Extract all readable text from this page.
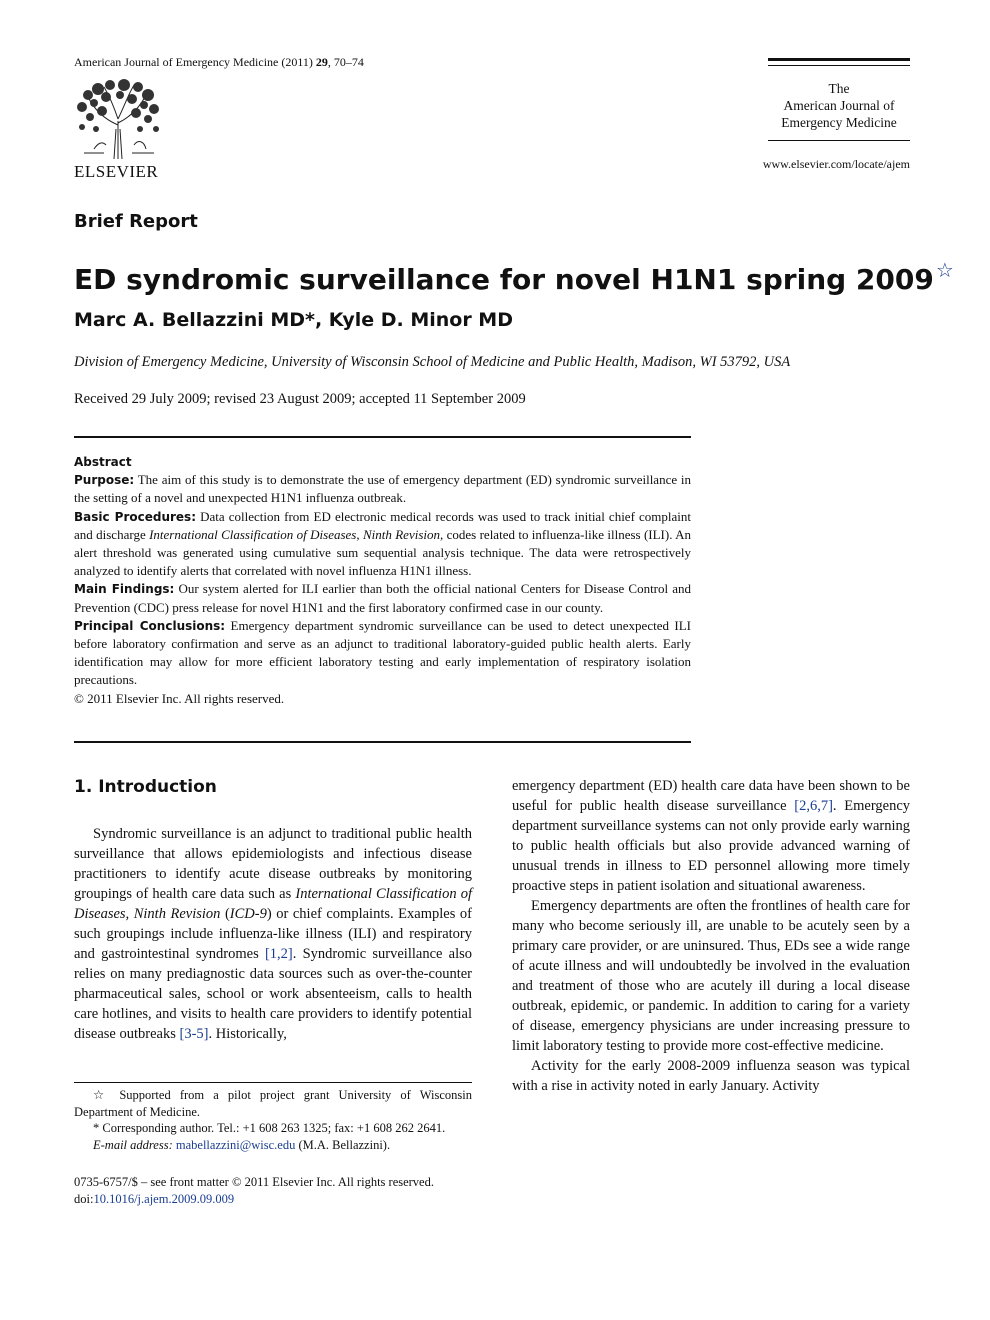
American Journal of Emergency Medicine (2011) 29, 70–74
ELSEVIER
The
American Journal of
Emergency Medicine
www.elsevier.com/locate/ajem
Brief Report
ED syndromic surveillance for novel H1N1 spring 2009 ☆
Marc A. Bellazzini MD*, Kyle D. Minor MD
Division of Emergency Medicine, University of Wisconsin School of Medicine and Public Health, Madison, WI 53792, USA
Received 29 July 2009; revised 23 August 2009; accepted 11 September 2009

Abstract

Purpose: The aim of this study is to demonstrate the use of emergency department (ED) syndromic surveillance in the setting of a novel and unexpected H1N1 influenza outbreak.

Basic Procedures: Data collection from ED electronic medical records was used to track initial chief complaint and discharge International Classification of Diseases, Ninth Revision, codes related to influenza-like illness (ILI). An alert threshold was generated using cumulative sum sequential analysis technique. The data were retrospectively analyzed to identify alerts that correlated with novel influenza H1N1 illness.

Main Findings: Our system alerted for ILI earlier than both the official national Centers for Disease Control and Prevention (CDC) press release for novel H1N1 and the first laboratory confirmed case in our county.

Principal Conclusions: Emergency department syndromic surveillance can be used to detect unexpected ILI before laboratory confirmation and serve as an adjunct to traditional laboratory-guided public health alerts. Early identification may allow for more efficient laboratory testing and early implementation of respiratory isolation precautions.

© 2011 Elsevier Inc. All rights reserved.

1. Introduction

Syndromic surveillance is an adjunct to traditional public health surveillance that allows epidemiologists and infectious disease practitioners to identify acute disease outbreaks by monitoring groupings of health care data such as International Classification of Diseases, Ninth Revision (ICD-9) or chief complaints. Examples of such groupings include influenza-like illness (ILI) and respiratory and gastrointestinal syndromes [1,2]. Syndromic surveillance also relies on many prediagnostic data sources such as over-the-counter pharmaceutical sales, school or work absenteeism, calls to health care hotlines, and visits to health care providers to identify potential disease outbreaks [3-5]. Historically,

emergency department (ED) health care data have been shown to be useful for public health disease surveillance [2,6,7]. Emergency department surveillance systems can not only provide early warning to public health officials but also provide advanced warning of unusual trends in illness to ED personnel allowing more timely proactive steps in patient isolation and situational awareness.

Emergency departments are often the frontlines of health care for many who become seriously ill, are unable to be acutely seen by a primary care provider, or are uninsured. Thus, EDs see a wide range of acute illness and will undoubtedly be involved in the evaluation and treatment of those who are acutely ill during a local disease outbreak, epidemic, or pandemic. In addition to caring for a variety of disease, emergency physicians are under increasing pressure to limit laboratory testing to provide more cost-effective medicine.

Activity for the early 2008-2009 influenza season was typical with a rise in activity noted in early January. Activity

☆ Supported from a pilot project grant University of Wisconsin Department of Medicine.

* Corresponding author. Tel.: +1 608 263 1325; fax: +1 608 262 2641.

E-mail address: mabellazzini@wisc.edu (M.A. Bellazzini).

0735-6757/$ – see front matter © 2011 Elsevier Inc. All rights reserved.
doi:10.1016/j.ajem.2009.09.009
